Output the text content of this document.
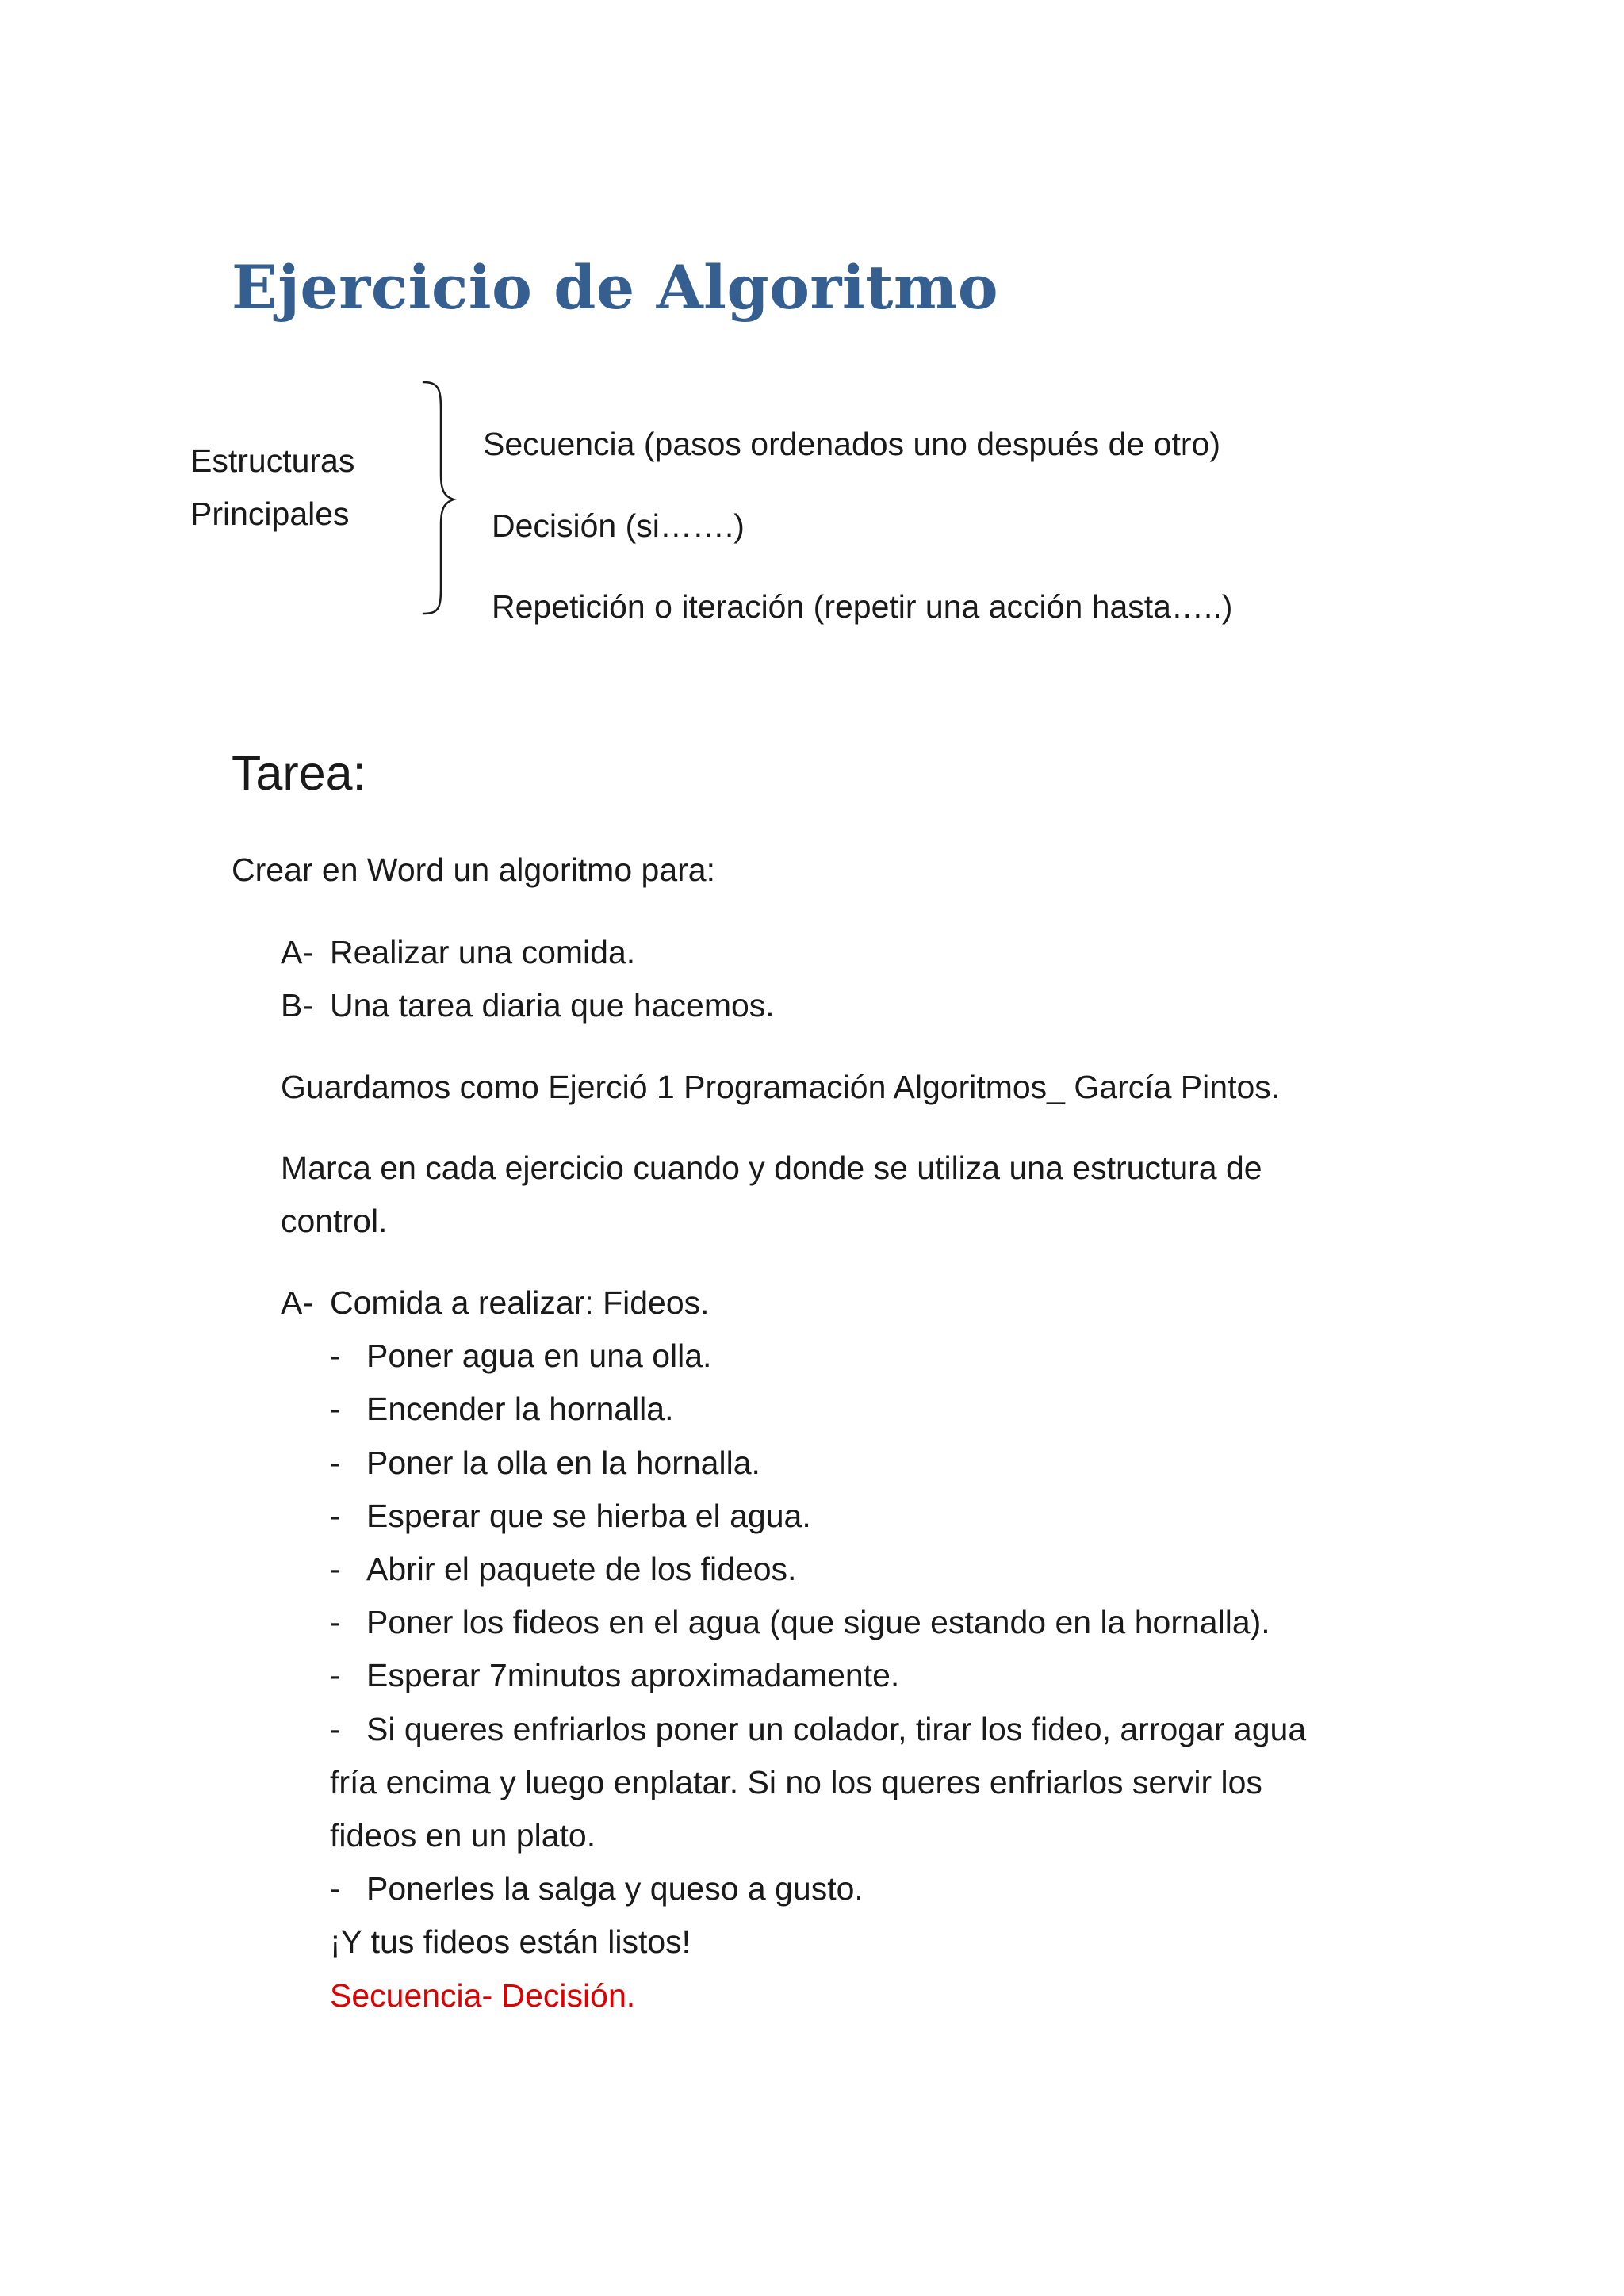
Ejercicio de Algoritmo
Estructuras
Principales
Secuencia (pasos ordenados uno después de otro)
Decisión (si…….)
Repetición o iteración (repetir una acción hasta…..)
Tarea:
Crear en Word un algoritmo para:
A- Realizar una comida.
B- Una tarea diaria que hacemos.
Guardamos como Ejerció 1 Programación Algoritmos_ García Pintos.
Marca en cada ejercicio cuando y donde se utiliza una estructura de
control.
A- Comida a realizar: Fideos.
- Poner agua en una olla.
- Encender la hornalla.
- Poner la olla en la hornalla.
- Esperar que se hierba el agua.
- Abrir el paquete de los fideos.
- Poner los fideos en el agua (que sigue estando en la hornalla).
- Esperar 7minutos aproximadamente.
- Si queres enfriarlos poner un colador, tirar los fideo, arrogar agua
fría encima y luego enplatar. Si no los queres enfriarlos servir los
fideos en un plato.
- Ponerles la salga y queso a gusto.
¡Y tus fideos están listos!
Secuencia- Decisión.
